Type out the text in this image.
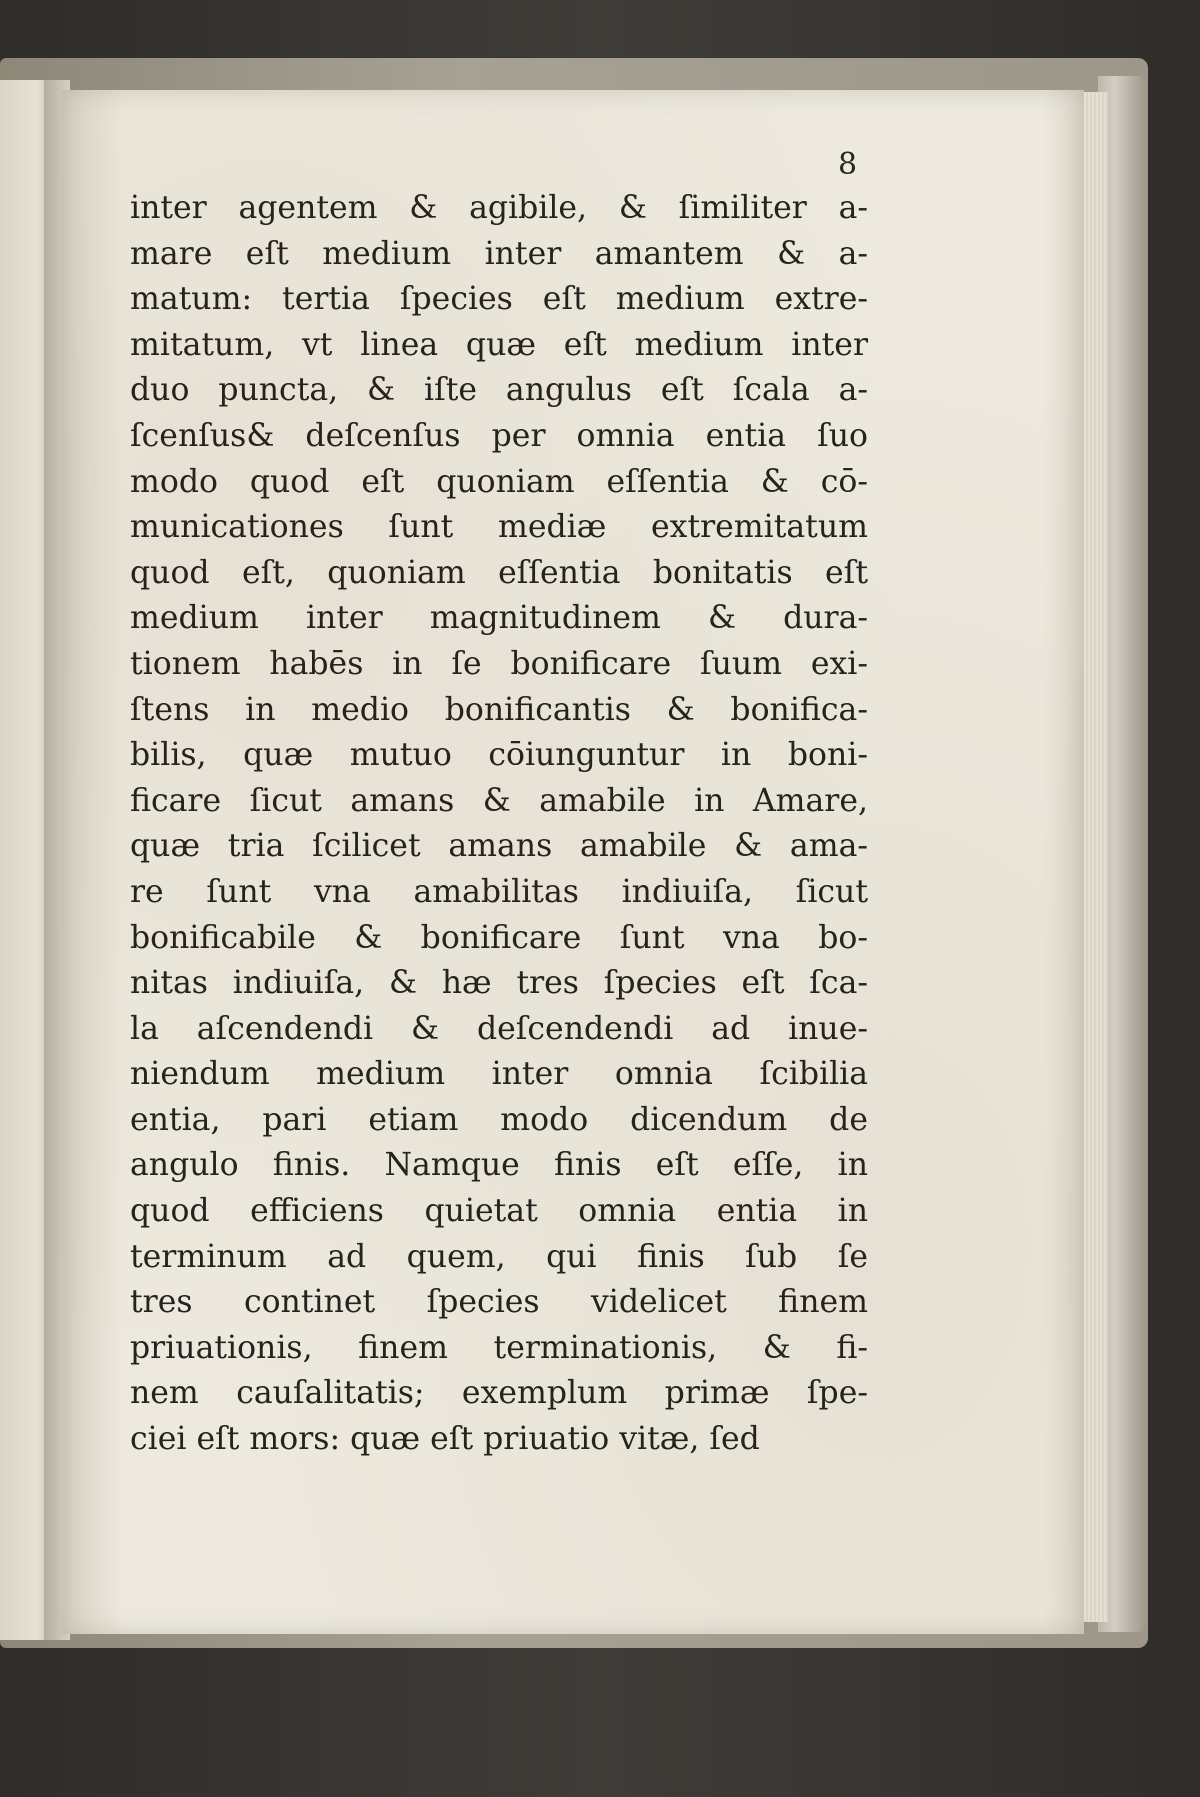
8
inter agentem & agibile, & ſimiliter a-
mare eſt medium inter amantem & a-
matum: tertia ſpecies eſt medium extre-
mitatum, vt linea quæ eſt medium inter
duo puncta, & iſte angulus eſt ſcala a-
ſcenſus& deſcenſus per omnia entia ſuo
modo quod eſt quoniam eſſentia & cō-
municationes ſunt mediæ extremitatum
quod eſt, quoniam eſſentia bonitatis eſt
medium inter magnitudinem & dura-
tionem habēs in ſe bonificare ſuum exi-
ſtens in medio bonificantis & bonifica-
bilis, quæ mutuo cōiunguntur in boni-
ficare ſicut amans & amabile in Amare,
quæ tria ſcilicet amans amabile & ama-
re ſunt vna amabilitas indiuiſa, ſicut
bonificabile & bonificare ſunt vna bo-
nitas indiuiſa, & hæ tres ſpecies eſt ſca-
la aſcendendi & deſcendendi ad inue-
niendum medium inter omnia ſcibilia
entia, pari etiam modo dicendum de
angulo finis. Namque finis eſt eſſe, in
quod efficiens quietat omnia entia in
terminum ad quem, qui finis ſub ſe
tres continet ſpecies videlicet finem
priuationis, finem terminationis, & fi-
nem cauſalitatis; exemplum primæ ſpe-
ciei eſt mors: quæ eſt priuatio vitæ, ſed
